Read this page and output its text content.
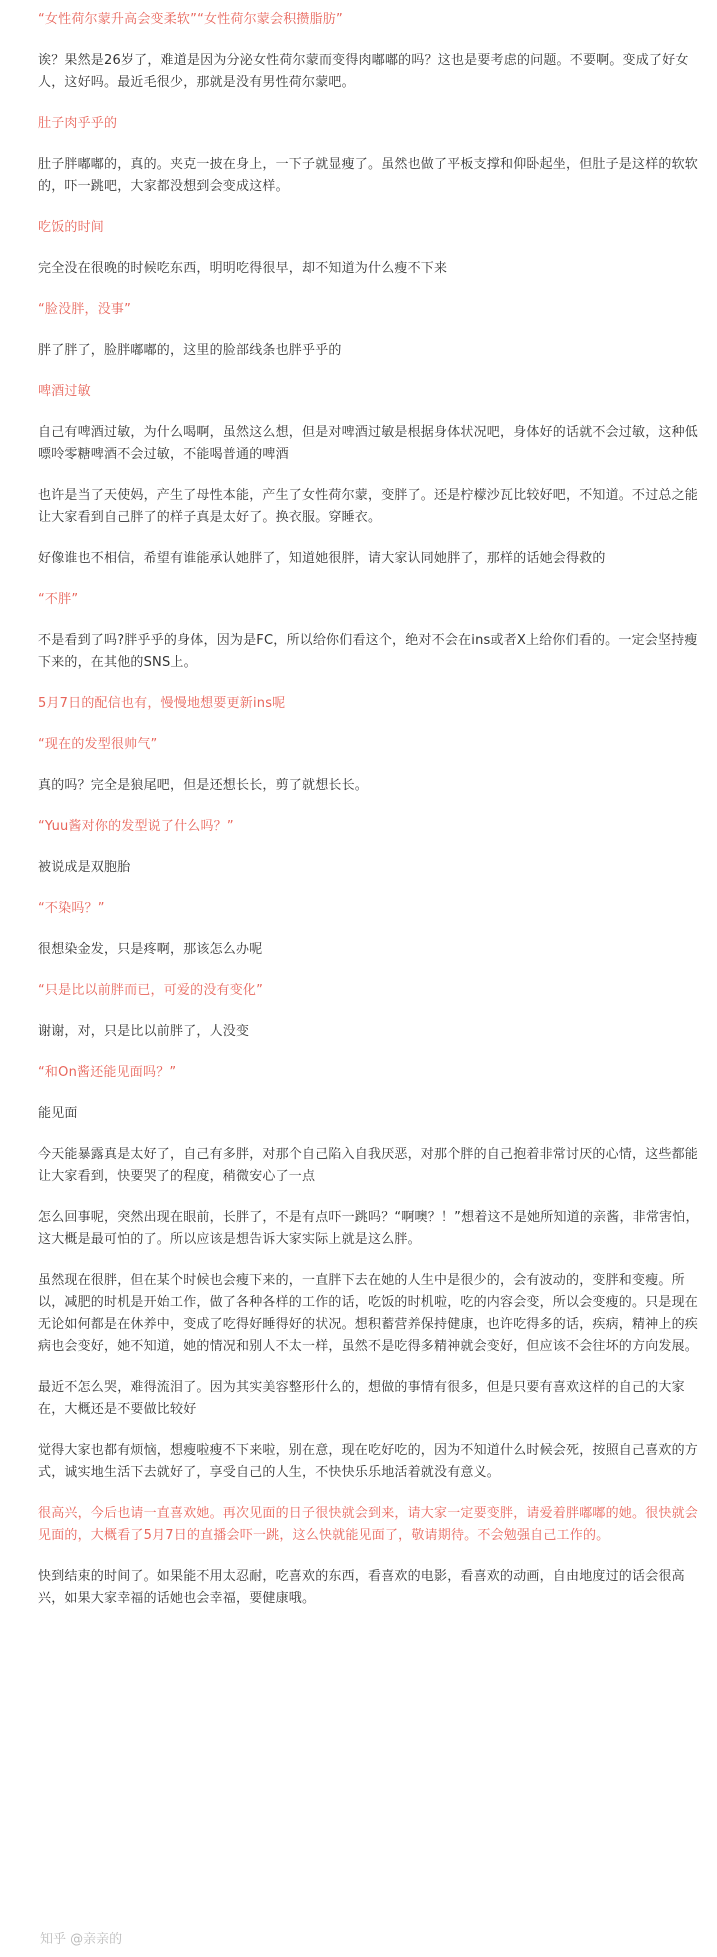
“女性荷尔蒙升高会变柔软”“女性荷尔蒙会积攒脂肪”

诶？果然是26岁了，难道是因为分泌女性荷尔蒙而变得肉嘟嘟的吗？这也是要考虑的问题。不要啊。变成了好女人，这好吗。最近毛很少，那就是没有男性荷尔蒙吧。

肚子肉乎乎的

肚子胖嘟嘟的，真的。夹克一披在身上，一下子就显瘦了。虽然也做了平板支撑和仰卧起坐，但肚子是这样的软软的，吓一跳吧，大家都没想到会变成这样。

吃饭的时间

完全没在很晚的时候吃东西，明明吃得很早，却不知道为什么瘦不下来

“脸没胖，没事”

胖了胖了，脸胖嘟嘟的，这里的脸部线条也胖乎乎的

啤酒过敏

自己有啤酒过敏，为什么喝啊，虽然这么想，但是对啤酒过敏是根据身体状况吧，身体好的话就不会过敏，这种低嘌呤零糖啤酒不会过敏，不能喝普通的啤酒

也许是当了天使妈，产生了母性本能，产生了女性荷尔蒙，变胖了。还是柠檬沙瓦比较好吧，不知道。不过总之能让大家看到自己胖了的样子真是太好了。换衣服。穿睡衣。

好像谁也不相信，希望有谁能承认她胖了，知道她很胖，请大家认同她胖了，那样的话她会得救的

“不胖”

不是看到了吗?胖乎乎的身体，因为是FC，所以给你们看这个，绝对不会在ins或者X上给你们看的。一定会坚持瘦下来的，在其他的SNS上。

5月7日的配信也有，慢慢地想要更新ins呢

“现在的发型很帅气”

真的吗？完全是狼尾吧，但是还想长长，剪了就想长长。

“Yuu酱对你的发型说了什么吗？”

被说成是双胞胎

“不染吗？”

很想染金发，只是疼啊，那该怎么办呢

“只是比以前胖而已，可爱的没有变化”

谢谢，对，只是比以前胖了，人没变

“和On酱还能见面吗？”

能见面

今天能暴露真是太好了，自己有多胖，对那个自己陷入自我厌恶，对那个胖的自己抱着非常讨厌的心情，这些都能让大家看到，快要哭了的程度，稍微安心了一点

怎么回事呢，突然出现在眼前，长胖了，不是有点吓一跳吗？“啊噢？！”想着这不是她所知道的亲酱，非常害怕，这大概是最可怕的了。所以应该是想告诉大家实际上就是这么胖。

虽然现在很胖，但在某个时候也会瘦下来的，一直胖下去在她的人生中是很少的，会有波动的，变胖和变瘦。所以，减肥的时机是开始工作，做了各种各样的工作的话，吃饭的时机啦，吃的内容会变，所以会变瘦的。只是现在无论如何都是在休养中，变成了吃得好睡得好的状况。想积蓄营养保持健康，也许吃得多的话，疾病，精神上的疾病也会变好，她不知道，她的情况和别人不太一样，虽然不是吃得多精神就会变好，但应该不会往坏的方向发展。

最近不怎么哭，难得流泪了。因为其实美容整形什么的，想做的事情有很多，但是只要有喜欢这样的自己的大家在，大概还是不要做比较好

觉得大家也都有烦恼，想瘦啦瘦不下来啦，别在意，现在吃好吃的，因为不知道什么时候会死，按照自己喜欢的方式，诚实地生活下去就好了，享受自己的人生，不快快乐乐地活着就没有意义。

很高兴，今后也请一直喜欢她。再次见面的日子很快就会到来，请大家一定要变胖，请爱着胖嘟嘟的她。很快就会见面的，大概看了5月7日的直播会吓一跳，这么快就能见面了，敬请期待。不会勉强自己工作的。

快到结束的时间了。如果能不用太忍耐，吃喜欢的东西，看喜欢的电影，看喜欢的动画，自由地度过的话会很高兴，如果大家幸福的话她也会幸福，要健康哦。

知乎 @亲亲的
